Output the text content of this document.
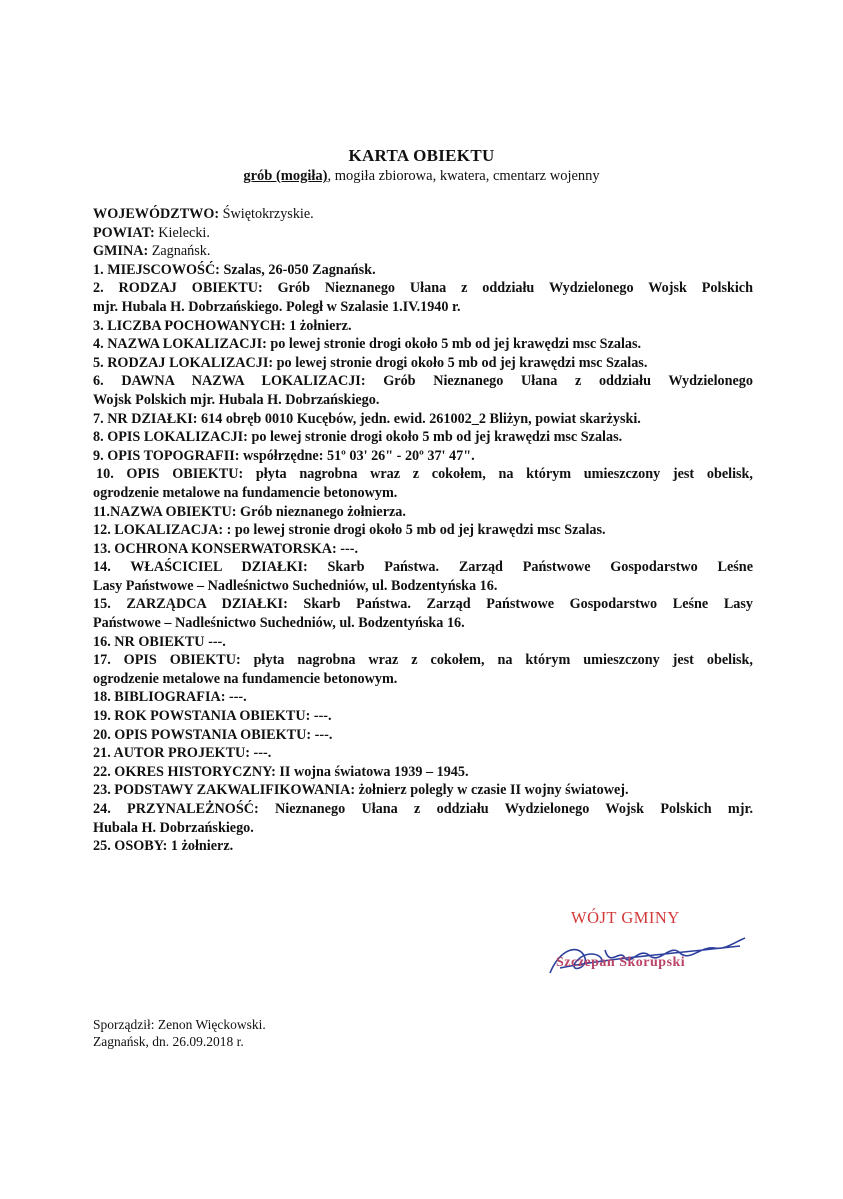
KARTA OBIEKTU
grób (mogiła), mogiła zbiorowa, kwatera, cmentarz wojenny
WOJEWÓDZTWO: Świętokrzyskie.
POWIAT: Kielecki.
GMINA: Zagnańsk.
1. MIEJSCOWOŚĆ: Szalas, 26-050 Zagnańsk.
2. RODZAJ OBIEKTU: Grób Nieznanego Ułana z oddziału Wydzielonego Wojsk Polskich
mjr. Hubala H. Dobrzańskiego. Poległ w Szalasie 1.IV.1940 r.
3. LICZBA POCHOWANYCH: 1 żołnierz.
4. NAZWA LOKALIZACJI: po lewej stronie drogi około 5 mb od jej krawędzi msc Szalas.
5. RODZAJ LOKALIZACJI: po lewej stronie drogi około 5 mb od jej krawędzi msc Szalas.
6. DAWNA NAZWA LOKALIZACJI: Grób Nieznanego Ułana z oddziału Wydzielonego
Wojsk Polskich mjr. Hubala H. Dobrzańskiego.
7. NR DZIAŁKI: 614 obręb 0010 Kucębów, jedn. ewid. 261002_2 Bliżyn, powiat skarżyski.
8. OPIS LOKALIZACJI: po lewej stronie drogi około 5 mb od jej krawędzi msc Szalas.
9. OPIS TOPOGRAFII: współrzędne: 51º 03' 26" - 20º 37' 47".
10. OPIS OBIEKTU: płyta nagrobna wraz z cokołem, na którym umieszczony jest obelisk,
ogrodzenie metalowe na fundamencie betonowym.
11.NAZWA OBIEKTU: Grób nieznanego żołnierza.
12. LOKALIZACJA: : po lewej stronie drogi około 5 mb od jej krawędzi msc Szalas.
13. OCHRONA KONSERWATORSKA: ---.
14. WŁAŚCICIEL DZIAŁKI: Skarb Państwa. Zarząd Państwowe Gospodarstwo Leśne
Lasy Państwowe – Nadleśnictwo Suchedniów, ul. Bodzentyńska 16.
15. ZARZĄDCA DZIAŁKI: Skarb Państwa. Zarząd Państwowe Gospodarstwo Leśne Lasy
Państwowe – Nadleśnictwo Suchedniów, ul. Bodzentyńska 16.
16. NR OBIEKTU ---.
17. OPIS OBIEKTU: płyta nagrobna wraz z cokołem, na którym umieszczony jest obelisk,
ogrodzenie metalowe na fundamencie betonowym.
18. BIBLIOGRAFIA: ---.
19. ROK POWSTANIA OBIEKTU: ---.
20. OPIS POWSTANIA OBIEKTU: ---.
21. AUTOR PROJEKTU: ---.
22. OKRES HISTORYCZNY: II wojna światowa 1939 – 1945.
23. PODSTAWY ZAKWALIFIKOWANIA: żołnierz polegly w czasie II wojny światowej.
24. PRZYNALEŻNOŚĆ: Nieznanego Ułana z oddziału Wydzielonego Wojsk Polskich mjr.
Hubala H. Dobrzańskiego.
25. OSOBY: 1 żołnierz.
WÓJT GMINY
Szczepan Skorupski
Sporządził: Zenon Więckowski.
Zagnańsk, dn. 26.09.2018 r.
